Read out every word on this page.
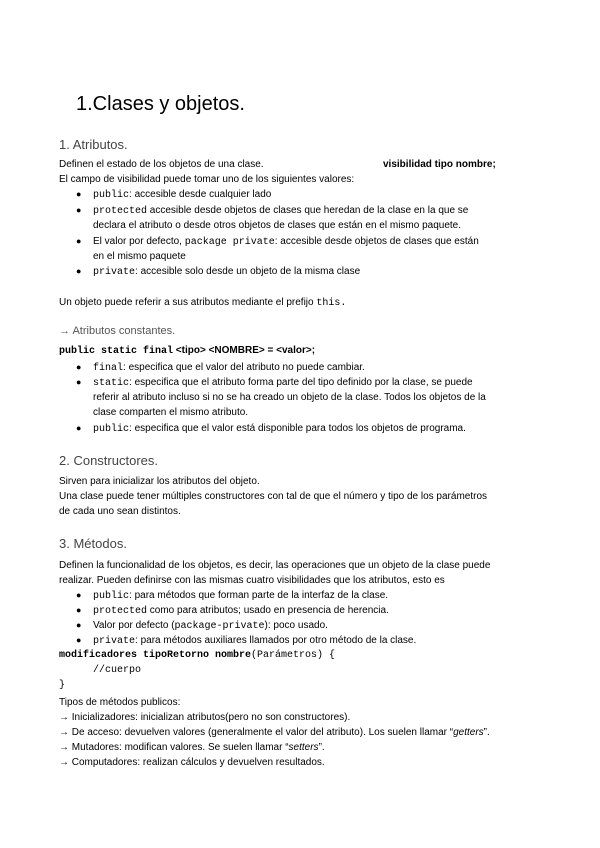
1.Clases y objetos.
1. Atributos.
Definen el estado de los objetos de una clase.	visibilidad tipo nombre;
El campo de visibilidad puede tomar uno de los siguientes valores:
● public: accesible desde cualquier lado
● protected accesible desde objetos de clases que heredan de la clase en la que se
declara el atributo o desde otros objetos de clases que están en el mismo paquete.
● El valor por defecto, package private: accesible desde objetos de clases que están
en el mismo paquete
● private: accesible solo desde un objeto de la misma clase
Un objeto puede referir a sus atributos mediante el prefijo this.
→ Atributos constantes.
public static final <tipo> <NOMBRE> = <valor>;
● final: especifica que el valor del atributo no puede cambiar.
● static: especifica que el atributo forma parte del tipo definido por la clase, se puede
referir al atributo incluso si no se ha creado un objeto de la clase. Todos los objetos de la
clase comparten el mismo atributo.
● public: especifica que el valor está disponible para todos los objetos de programa.
2. Constructores.
Sirven para inicializar los atributos del objeto.
Una clase puede tener múltiples constructores con tal de que el número y tipo de los parámetros
de cada uno sean distintos.
3. Métodos.
Definen la funcionalidad de los objetos, es decir, las operaciones que un objeto de la clase puede
realizar. Pueden definirse con las mismas cuatro visibilidades que los atributos, esto es
● public: para métodos que forman parte de la interfaz de la clase.
● protected como para atributos; usado en presencia de herencia.
● Valor por defecto (package-private): poco usado.
● private: para métodos auxiliares llamados por otro método de la clase.
modificadores tipoRetorno nombre(Parámetros) {
//cuerpo
}
Tipos de métodos publicos:
→ Inicializadores: inicializan atributos(pero no son constructores).
→ De acceso: devuelven valores (generalmente el valor del atributo). Los suelen llamar “getters”.
→ Mutadores: modifican valores. Se suelen llamar “setters”.
→ Computadores: realizan cálculos y devuelven resultados.
